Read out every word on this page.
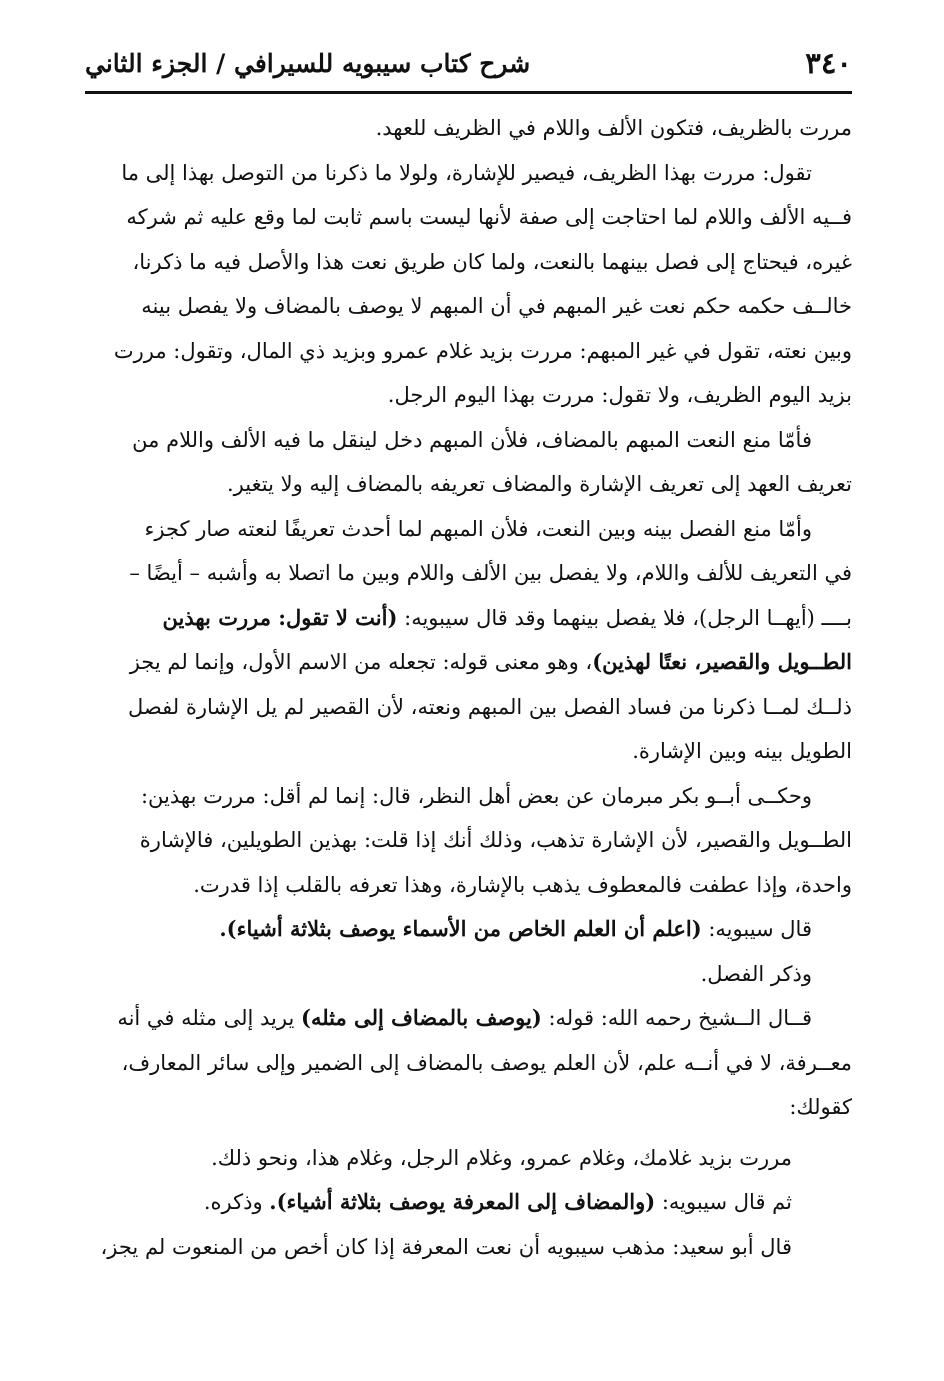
٣٤٠
شرح كتاب سيبويه للسيرافي / الجزء الثاني
مررت بالظريف، فتكون الألف واللام في الظريف للعهد.
تقول: مررت بهذا الظريف، فيصير للإشارة، ولولا ما ذكرنا من التوصل بهذا إلى ما
فــيه الألف واللام لما احتاجت إلى صفة لأنها ليست باسم ثابت لما وقع عليه ثم شركه
غيره، فيحتاج إلى فصل بينهما بالنعت، ولما كان طريق نعت هذا والأصل فيه ما ذكرنا،
خالــف حكمه حكم نعت غير المبهم في أن المبهم لا يوصف بالمضاف ولا يفصل بينه
وبين نعته، تقول في غير المبهم: مررت بزيد غلام عمرو وبزيد ذي المال، وتقول: مررت
بزيد اليوم الظريف، ولا تقول: مررت بهذا اليوم الرجل.
فأمّا منع النعت المبهم بالمضاف، فلأن المبهم دخل لينقل ما فيه الألف واللام من
تعريف العهد إلى تعريف الإشارة والمضاف تعريفه بالمضاف إليه ولا يتغير.
وأمّا منع الفصل بينه وبين النعت، فلأن المبهم لما أحدث تعريفًا لنعته صار كجزء
في التعريف للألف واللام، ولا يفصل بين الألف واللام وبين ما اتصلا به وأشبه – أيضًا –
بــــ (أيهــا الرجل)، فلا يفصل بينهما وقد قال سيبويه: (أنت لا تقول: مررت بهذين
الطــويل والقصير، نعتًا لهذين)، وهو معنى قوله: تجعله من الاسم الأول، وإنما لم يجز
ذلــك لمــا ذكرنا من فساد الفصل بين المبهم ونعته، لأن القصير لم يل الإشارة لفصل
الطويل بينه وبين الإشارة.
وحكــى أبــو بكر مبرمان عن بعض أهل النظر، قال: إنما لم أقل: مررت بهذين:
الطــويل والقصير، لأن الإشارة تذهب، وذلك أنك إذا قلت: بهذين الطويلين، فالإشارة
واحدة، وإذا عطفت فالمعطوف يذهب بالإشارة، وهذا تعرفه بالقلب إذا قدرت.
قال سيبويه: (اعلم أن العلم الخاص من الأسماء يوصف بثلاثة أشياء).
وذكر الفصل.
قــال الــشيخ رحمه الله: قوله: (يوصف بالمضاف إلى مثله) يريد إلى مثله في أنه
معــرفة، لا في أنــه علم، لأن العلم يوصف بالمضاف إلى الضمير وإلى سائر المعارف،
كقولك:
مررت بزيد غلامك، وغلام عمرو، وغلام الرجل، وغلام هذا، ونحو ذلك.
ثم قال سيبويه: (والمضاف إلى المعرفة يوصف بثلاثة أشياء). وذكره.
قال أبو سعيد: مذهب سيبويه أن نعت المعرفة إذا كان أخص من المنعوت لم يجز،
